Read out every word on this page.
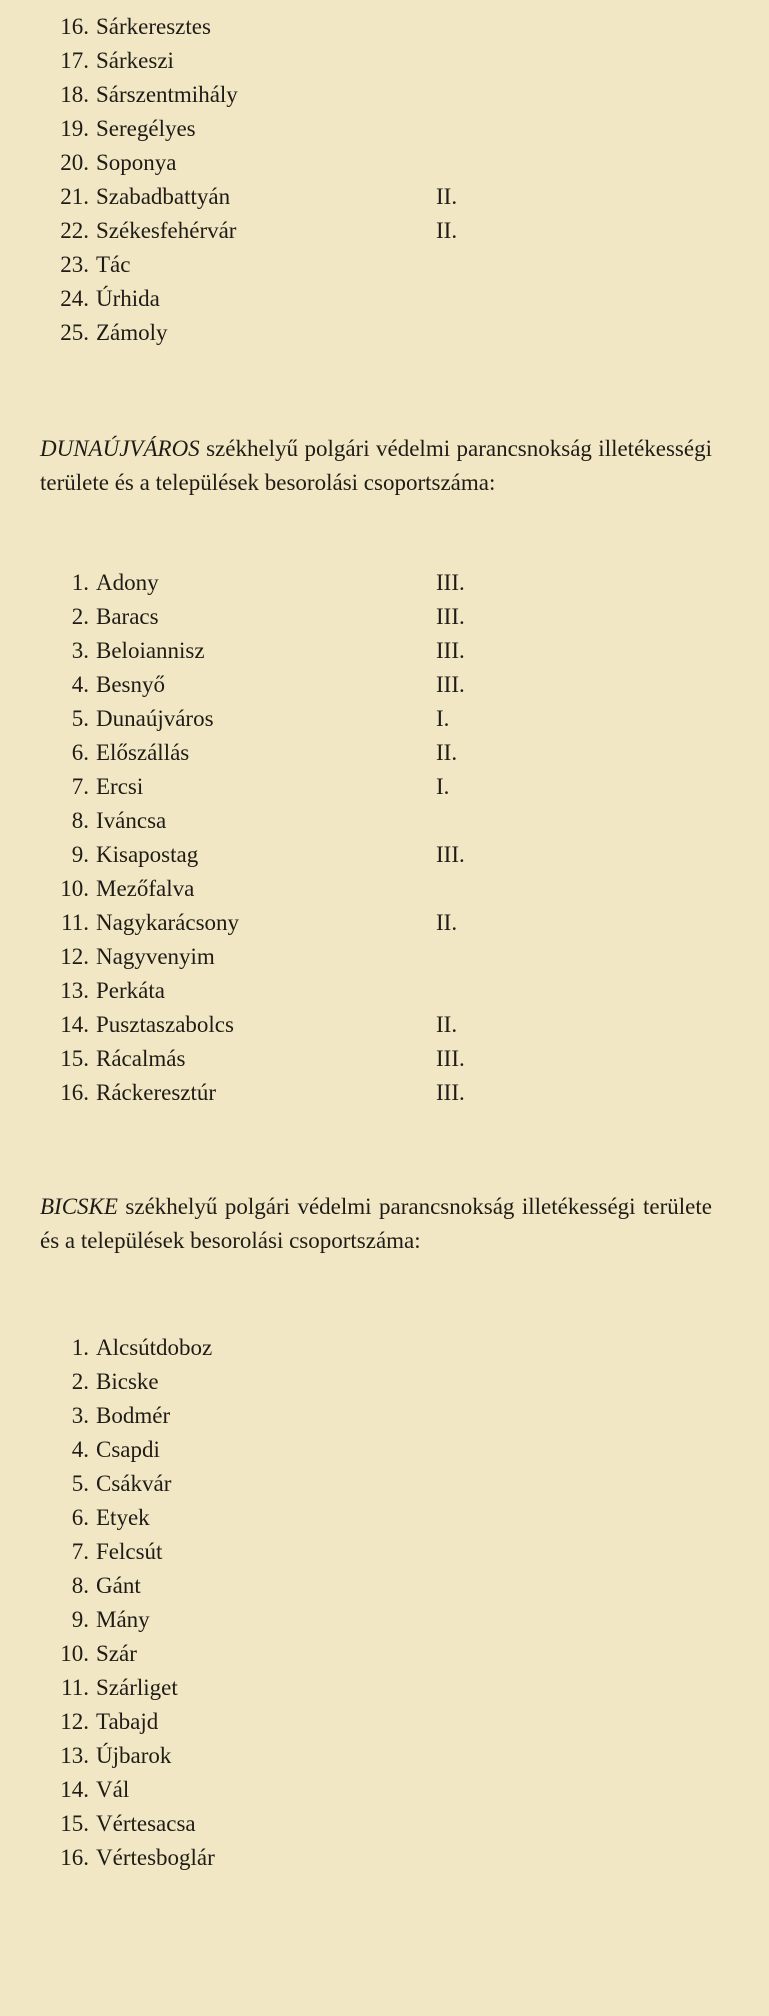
16. Sárkeresztes
17. Sárkeszi
18. Sárszentmihály
19. Seregélyes
20. Soponya
21. Szabadbattyán	II.
22. Székesfehérvár	II.
23. Tác
24. Úrhida
25. Zámoly

DUNAÚJVÁROS székhelyű polgári védelmi parancsnokság illetékességi területe és a települések besorolási csoportszáma:

1. Adony	III.
2. Baracs	III.
3. Beloiannisz	III.
4. Besnyő	III.
5. Dunaújváros	I.
6. Előszállás	II.
7. Ercsi	I.
8. Iváncsa
9. Kisapostag	III.
10. Mezőfalva
11. Nagykarácsony	II.
12. Nagyvenyim
13. Perkáta
14. Pusztaszabolcs	II.
15. Rácalmás	III.
16. Ráckeresztúr	III.

BICSKE székhelyű polgári védelmi parancsnokság illetékességi területe és a települések besorolási csoportszáma:

1. Alcsútdoboz
2. Bicske
3. Bodmér
4. Csapdi
5. Csákvár
6. Etyek
7. Felcsút
8. Gánt
9. Mány
10. Szár
11. Szárliget
12. Tabajd
13. Újbarok
14. Vál
15. Vértesacsa
16. Vértesboglár
